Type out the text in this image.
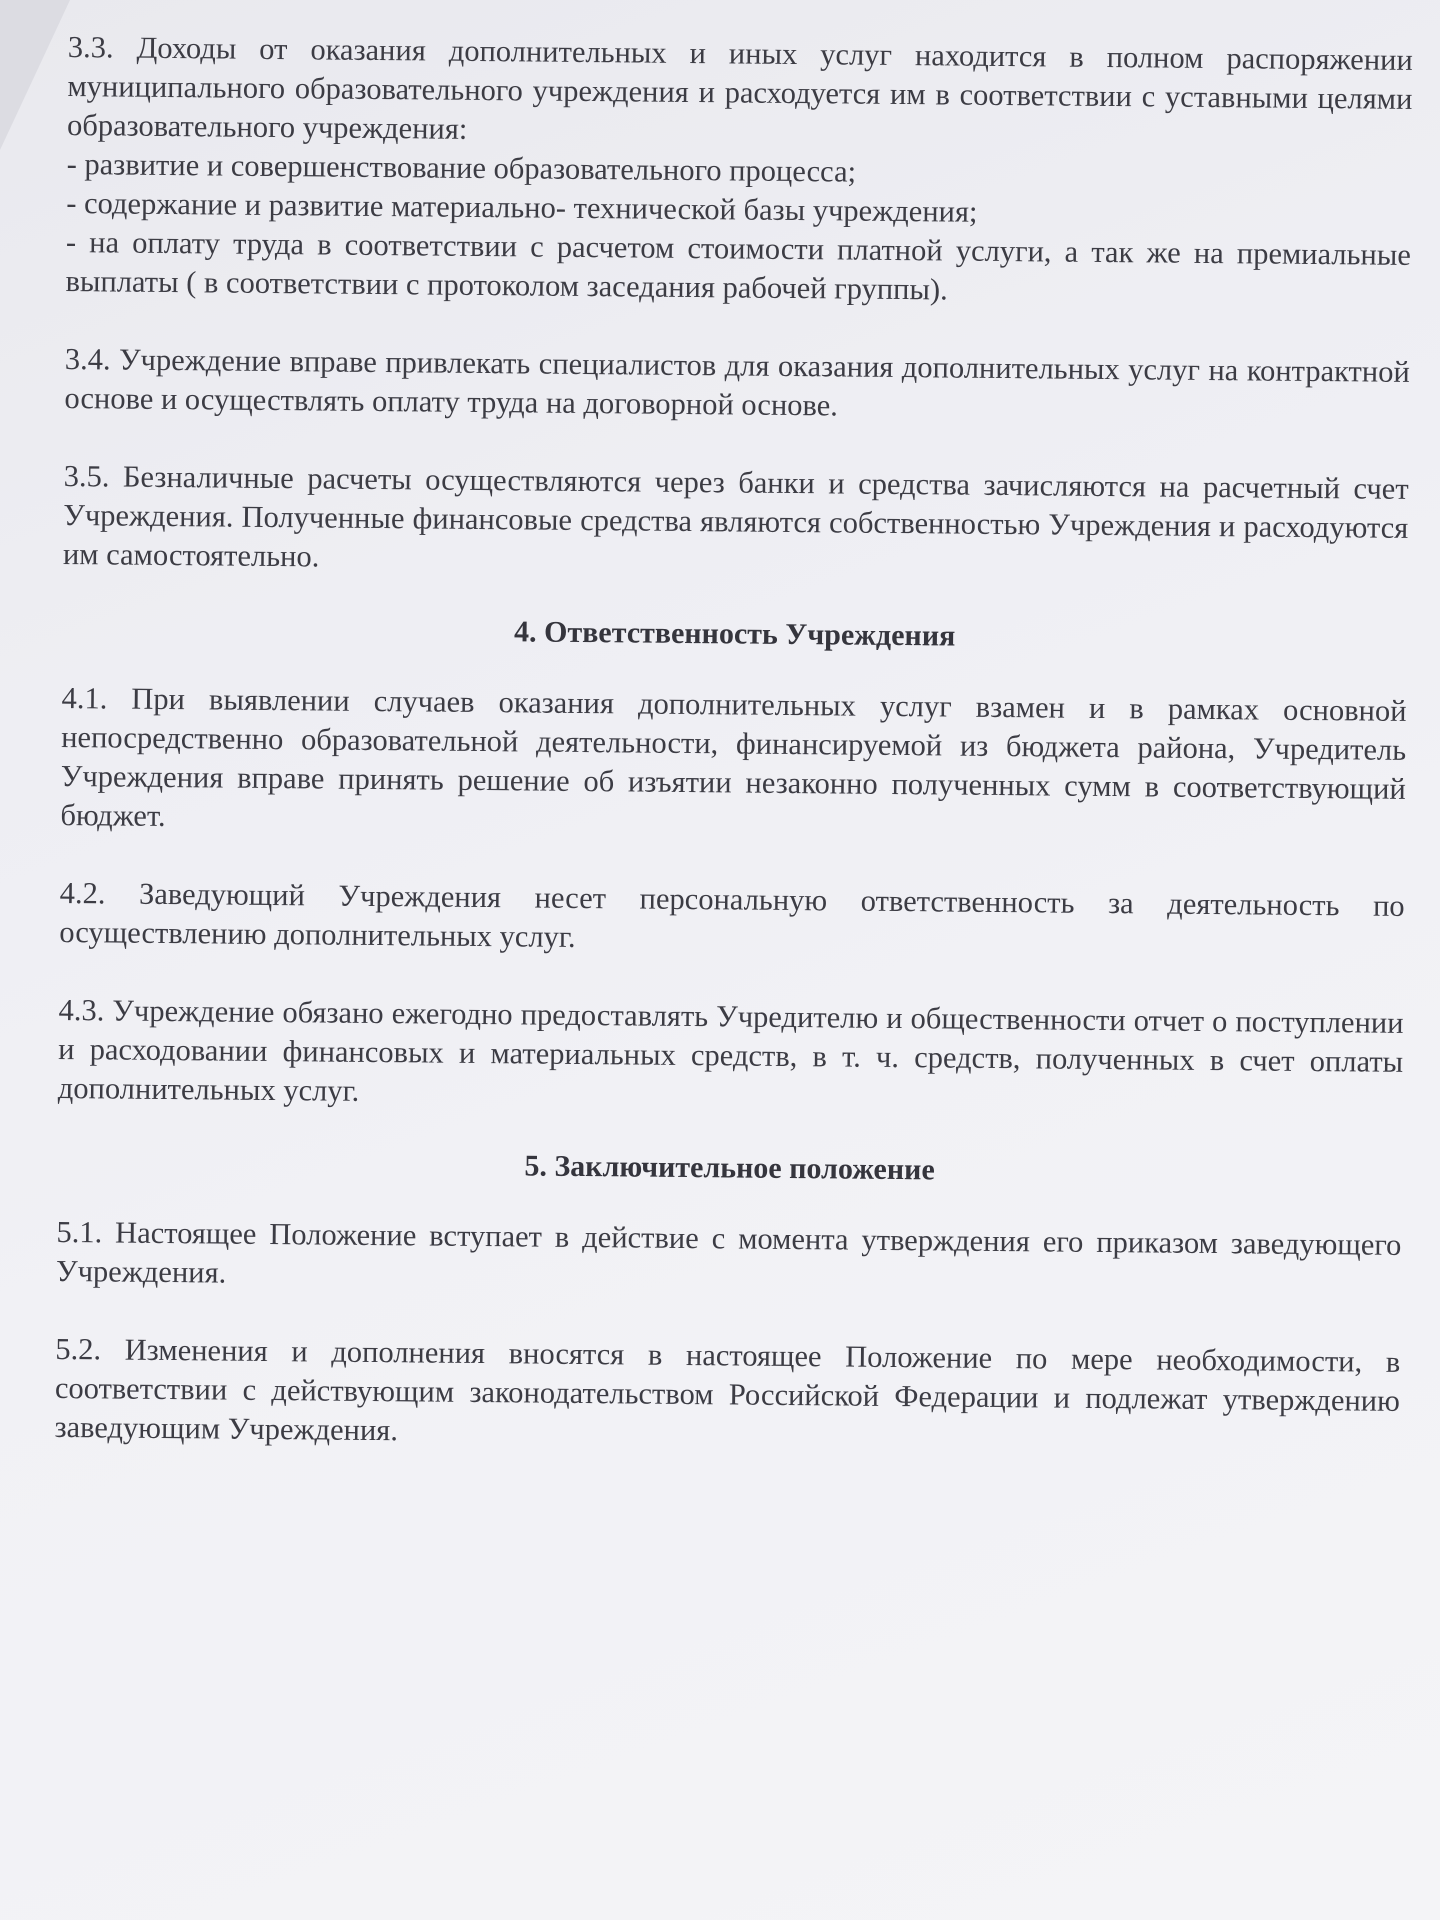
3.3. Доходы от оказания дополнительных и иных услуг находится в полном распоряжении муниципального образовательного учреждения и расходуется им в соответствии с уставными целями образовательного учреждения:

- развитие и совершенствование образовательного процесса;

- содержание и развитие материально- технической базы учреждения;

- на оплату труда в соответствии с расчетом стоимости платной услуги, а так же на премиальные выплаты ( в соответствии с протоколом заседания рабочей группы).

3.4. Учреждение вправе привлекать специалистов для оказания дополнительных услуг на контрактной основе и осуществлять оплату труда на договорной основе.

3.5. Безналичные расчеты осуществляются через банки и средства зачисляются на расчетный счет Учреждения. Полученные финансовые средства являются собственностью Учреждения и расходуются им самостоятельно.

4. Ответственность Учреждения

4.1. При выявлении случаев оказания дополнительных услуг взамен и в рамках основной непосредственно образовательной деятельности, финансируемой из бюджета района, Учредитель Учреждения вправе принять решение об изъятии незаконно полученных сумм в соответствующий бюджет.

4.2. Заведующий Учреждения несет персональную ответственность за деятельность по осуществлению дополнительных услуг.

4.3. Учреждение обязано ежегодно предоставлять Учредителю и общественности отчет о поступлении и расходовании финансовых и материальных средств, в т. ч. средств, полученных в счет оплаты дополнительных услуг.

5. Заключительное положение

5.1. Настоящее Положение вступает в действие с момента утверждения его приказом заведующего Учреждения.

5.2. Изменения и дополнения вносятся в настоящее Положение по мере необходимости, в соответствии с действующим законодательством Российской Федерации и подлежат утверждению заведующим Учреждения.
